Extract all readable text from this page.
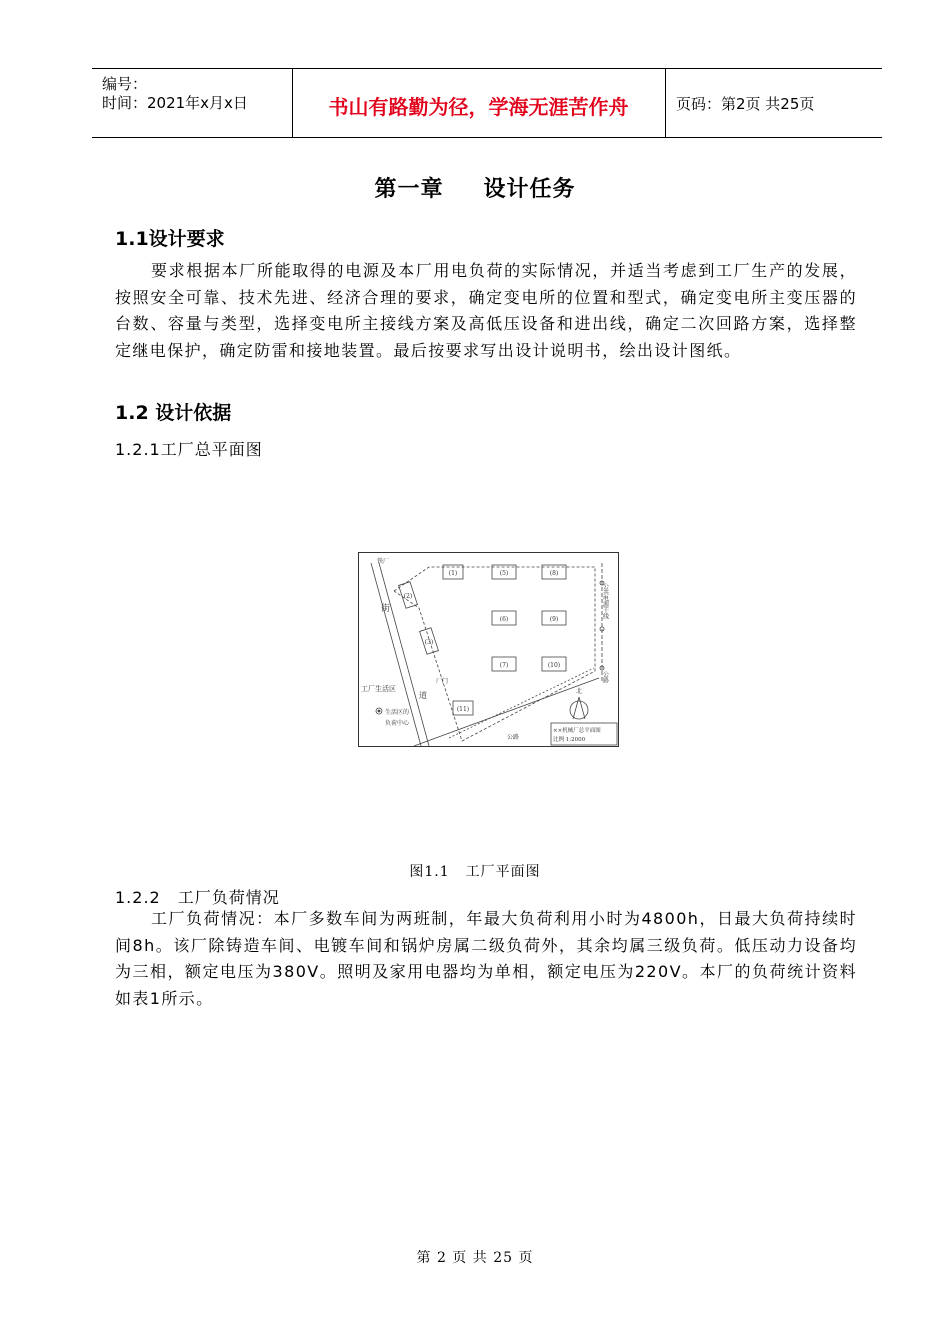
编号：
时间：2021年x月x日	书山有路勤为径，学海无涯苦作舟	页码：第2页 共25页
第一章 设计任务
1.1设计要求
要求根据本厂所能取得的电源及本厂用电负荷的实际情况，并适当考虑到工厂生产的发展，按照安全可靠、技术先进、经济合理的要求，确定变电所的位置和型式，确定变电所主变压器的台数、容量与类型，选择变电所主接线方案及高低压设备和进出线，确定二次回路方案，选择整定继电保护，确定防雷和接地装置。最后按要求写出设计说明书，绘出设计图纸。
1.2 设计依据
1.2.1工厂总平面图
(1)	(5)	(8)
(6)	(9)
(7)	(10)
(11)
(2)
(3)
铁厂
街
道
工厂生活区
生活区的
负荷中心
厂门
北
公共电源干线
公路
公路
××机械厂总平面图
比例 1:2000
图1.1 工厂平面图
1.2.2　工厂负荷情况
工厂负荷情况：本厂多数车间为两班制，年最大负荷利用小时为4800h，日最大负荷持续时间8h。该厂除铸造车间、电镀车间和锅炉房属二级负荷外，其余均属三级负荷。低压动力设备均为三相，额定电压为380V。照明及家用电器均为单相，额定电压为220V。本厂的负荷统计资料如表1所示。
第 2 页 共 25 页
